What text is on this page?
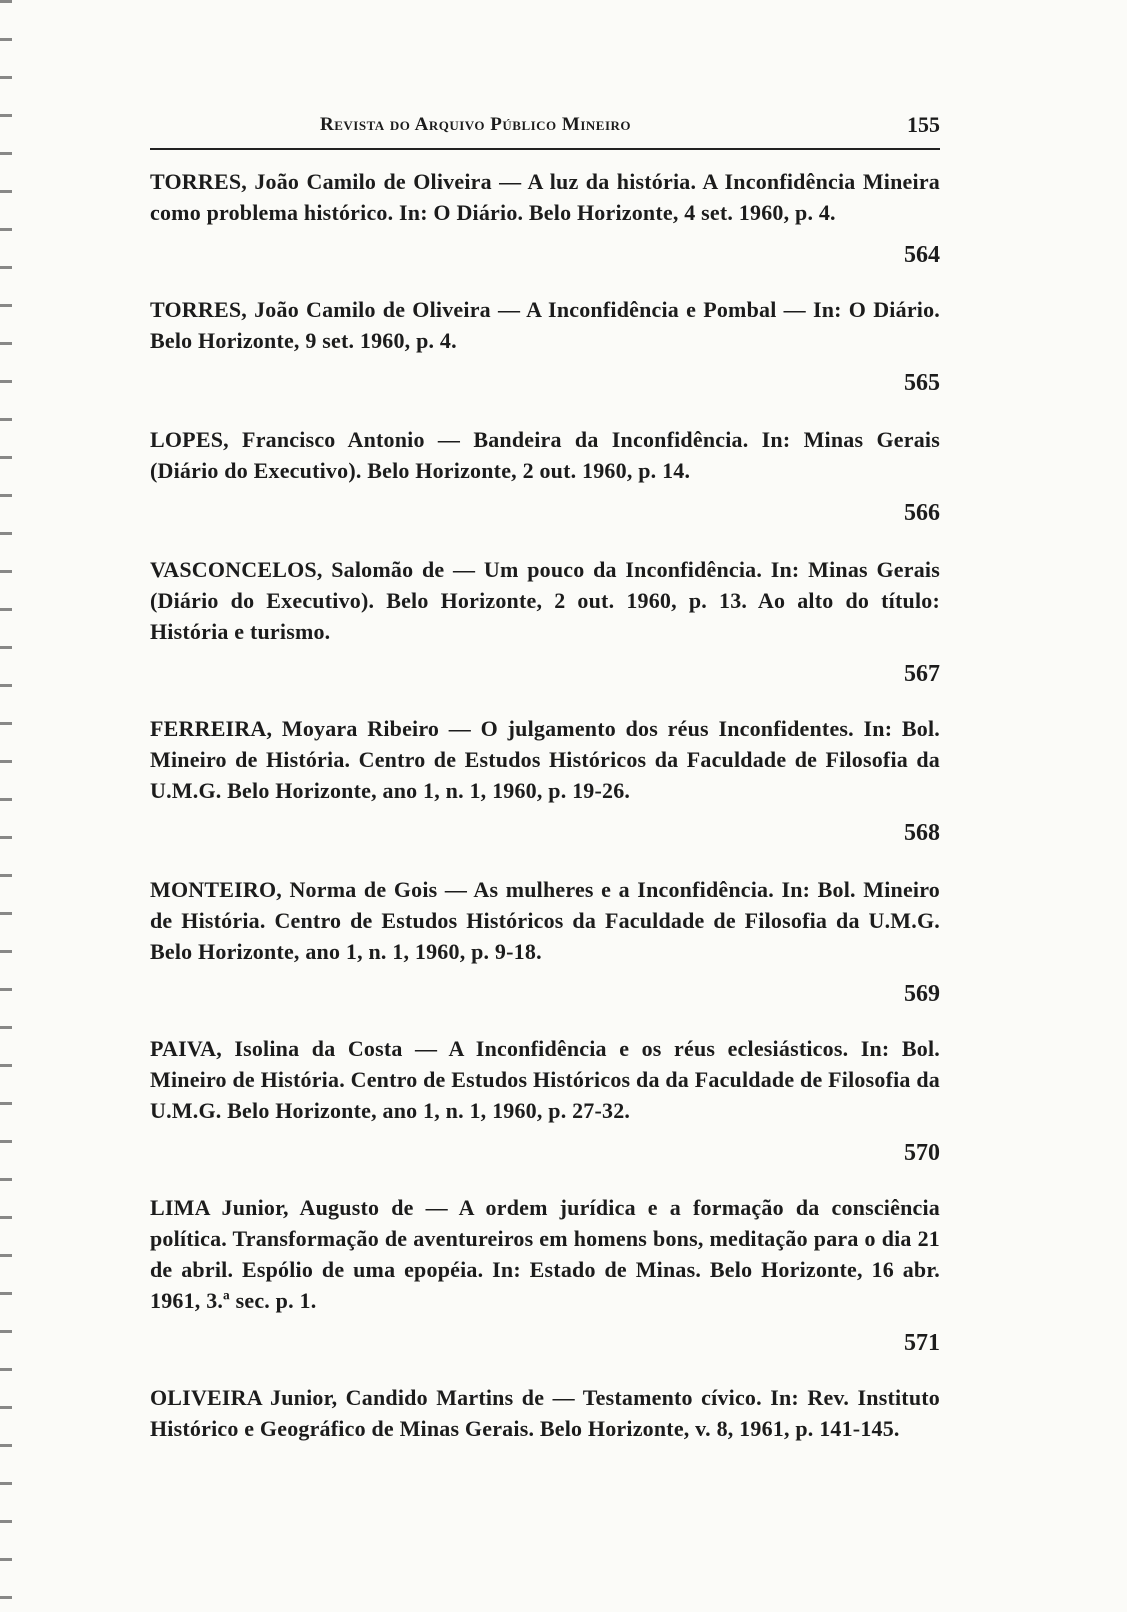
Revista do Arquivo Público Mineiro	155

TORRES, João Camilo de Oliveira — A luz da história. A Inconfidência Mineira como problema histórico. In: O Diário. Belo Horizonte, 4 set. 1960, p. 4.

564

TORRES, João Camilo de Oliveira — A Inconfidência e Pombal — In: O Diário. Belo Horizonte, 9 set. 1960, p. 4.

565

LOPES, Francisco Antonio — Bandeira da Inconfidência. In: Minas Gerais (Diário do Executivo). Belo Horizonte, 2 out. 1960, p. 14.

566

VASCONCELOS, Salomão de — Um pouco da Inconfidência. In: Minas Gerais (Diário do Executivo). Belo Horizonte, 2 out. 1960, p. 13. Ao alto do título: História e turismo.

567

FERREIRA, Moyara Ribeiro — O julgamento dos réus Inconfidentes. In: Bol. Mineiro de História. Centro de Estudos Históricos da Faculdade de Filosofia da U.M.G. Belo Horizonte, ano 1, n. 1, 1960, p. 19-26.

568

MONTEIRO, Norma de Gois — As mulheres e a Inconfidência. In: Bol. Mineiro de História. Centro de Estudos Históricos da Faculdade de Filosofia da U.M.G. Belo Horizonte, ano 1, n. 1, 1960, p. 9-18.

569

PAIVA, Isolina da Costa — A Inconfidência e os réus eclesiásticos. In: Bol. Mineiro de História. Centro de Estudos Históricos da da Faculdade de Filosofia da U.M.G. Belo Horizonte, ano 1, n. 1, 1960, p. 27-32.

570

LIMA Junior, Augusto de — A ordem jurídica e a formação da consciência política. Transformação de aventureiros em homens bons, meditação para o dia 21 de abril. Espólio de uma epopéia. In: Estado de Minas. Belo Horizonte, 16 abr. 1961, 3.ª sec. p. 1.

571

OLIVEIRA Junior, Candido Martins de — Testamento cívico. In: Rev. Instituto Histórico e Geográfico de Minas Gerais. Belo Horizonte, v. 8, 1961, p. 141-145.
